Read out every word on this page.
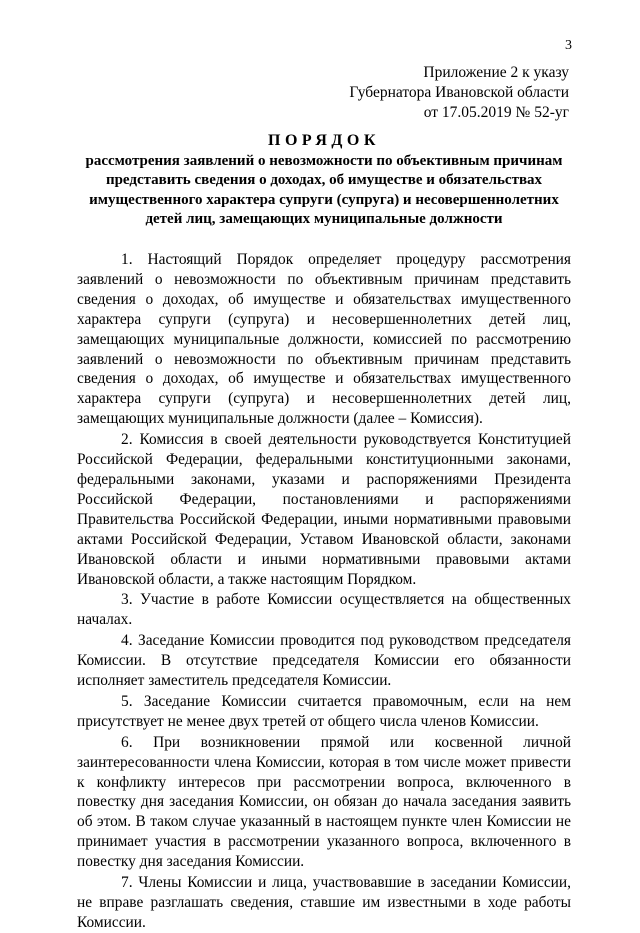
3
Приложение 2 к указу
Губернатора Ивановской области
от 17.05.2019 № 52-уг
ПОРЯДОК
рассмотрения заявлений о невозможности по объективным причинам представить сведения о доходах, об имуществе и обязательствах имущественного характера супруги (супруга) и несовершеннолетних детей лиц, замещающих муниципальные должности

1. Настоящий Порядок определяет процедуру рассмотрения заявлений о невозможности по объективным причинам представить сведения о доходах, об имуществе и обязательствах имущественного характера супруги (супруга) и несовершеннолетних детей лиц, замещающих муниципальные должности, комиссией по рассмотрению заявлений о невозможности по объективным причинам представить сведения о доходах, об имуществе и обязательствах имущественного характера супруги (супруга) и несовершеннолетних детей лиц, замещающих муниципальные должности (далее – Комиссия).

2. Комиссия в своей деятельности руководствуется Конституцией Российской Федерации, федеральными конституционными законами, федеральными законами, указами и распоряжениями Президента Российской Федерации, постановлениями и распоряжениями Правительства Российской Федерации, иными нормативными правовыми актами Российской Федерации, Уставом Ивановской области, законами Ивановской области и иными нормативными правовыми актами Ивановской области, а также настоящим Порядком.

3. Участие в работе Комиссии осуществляется на общественных началах.

4. Заседание Комиссии проводится под руководством председателя Комиссии. В отсутствие председателя Комиссии его обязанности исполняет заместитель председателя Комиссии.

5. Заседание Комиссии считается правомочным, если на нем присутствует не менее двух третей от общего числа членов Комиссии.

6. При возникновении прямой или косвенной личной заинтересованности члена Комиссии, которая в том числе может привести к конфликту интересов при рассмотрении вопроса, включенного в повестку дня заседания Комиссии, он обязан до начала заседания заявить об этом. В таком случае указанный в настоящем пункте член Комиссии не принимает участия в рассмотрении указанного вопроса, включенного в повестку дня заседания Комиссии.

7. Члены Комиссии и лица, участвовавшие в заседании Комиссии, не вправе разглашать сведения, ставшие им известными в ходе работы Комиссии.
